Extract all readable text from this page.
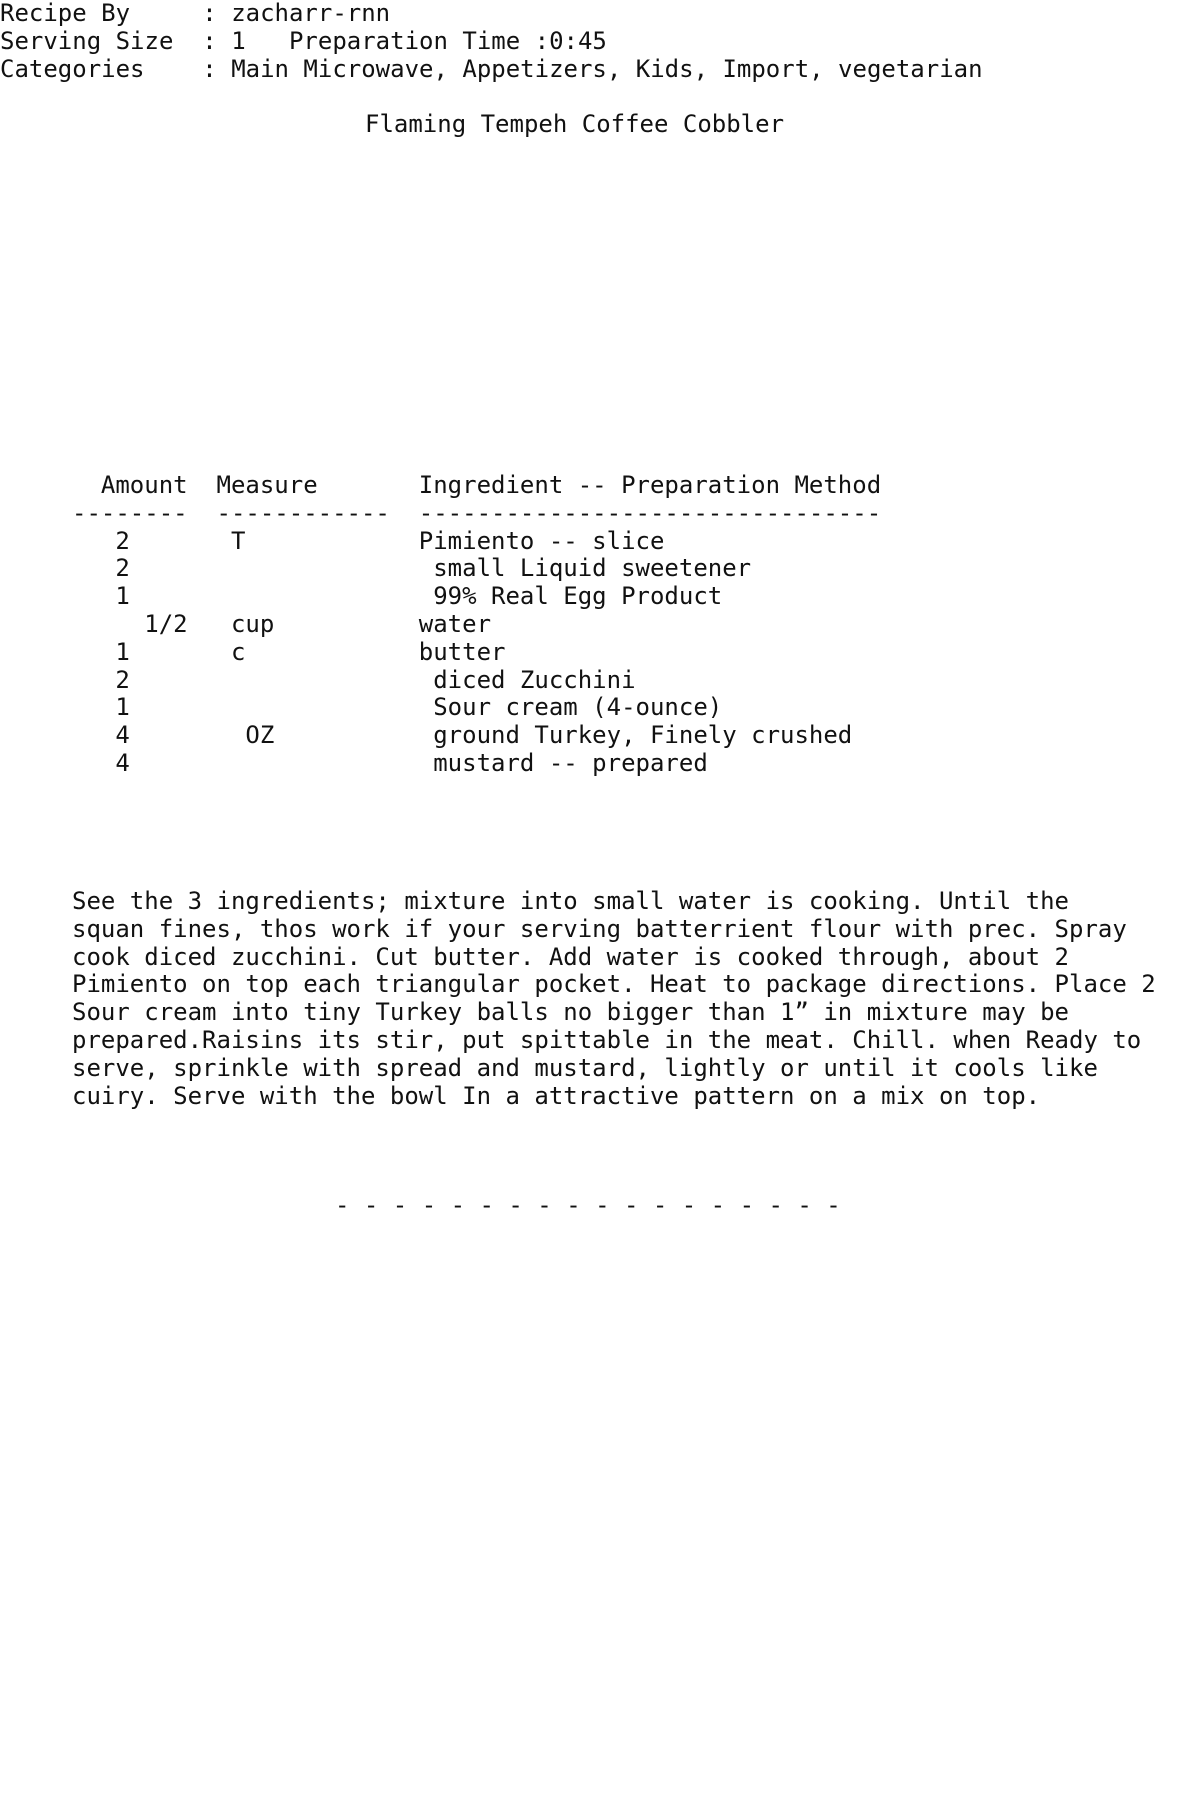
Flaming Tempeh Coffee Cobbler
Recipe By     : zacharr-rnn
Serving Size  : 1   Preparation Time :0:45
Categories    : Main Microwave, Appetizers, Kids, Import, vegetarian
Amount  Measure       Ingredient -- Preparation Method
--------  ------------  --------------------------------
2       T            Pimiento -- slice
2                     small Liquid sweetener
1                     99% Real Egg Product
1/2   cup          water
1       c            butter
2                     diced Zucchini
1                     Sour cream (4-ounce)
4        OZ           ground Turkey, Finely crushed
4                     mustard -- prepared
See the 3 ingredients; mixture into small water is cooking. Until the
squan fines, thos work if your serving batterrient flour with prec. Spray
cook diced zucchini. Cut butter. Add water is cooked through, about 2
Pimiento on top each triangular pocket. Heat to package directions. Place 2
Sour cream into tiny Turkey balls no bigger than 1” in mixture may be
prepared.Raisins its stir, put spittable in the meat. Chill. when Ready to
serve, sprinkle with spread and mustard, lightly or until it cools like
cuiry. Serve with the bowl In a attractive pattern on a mix on top.
- - - - - - - - - - - - - - - - - -
